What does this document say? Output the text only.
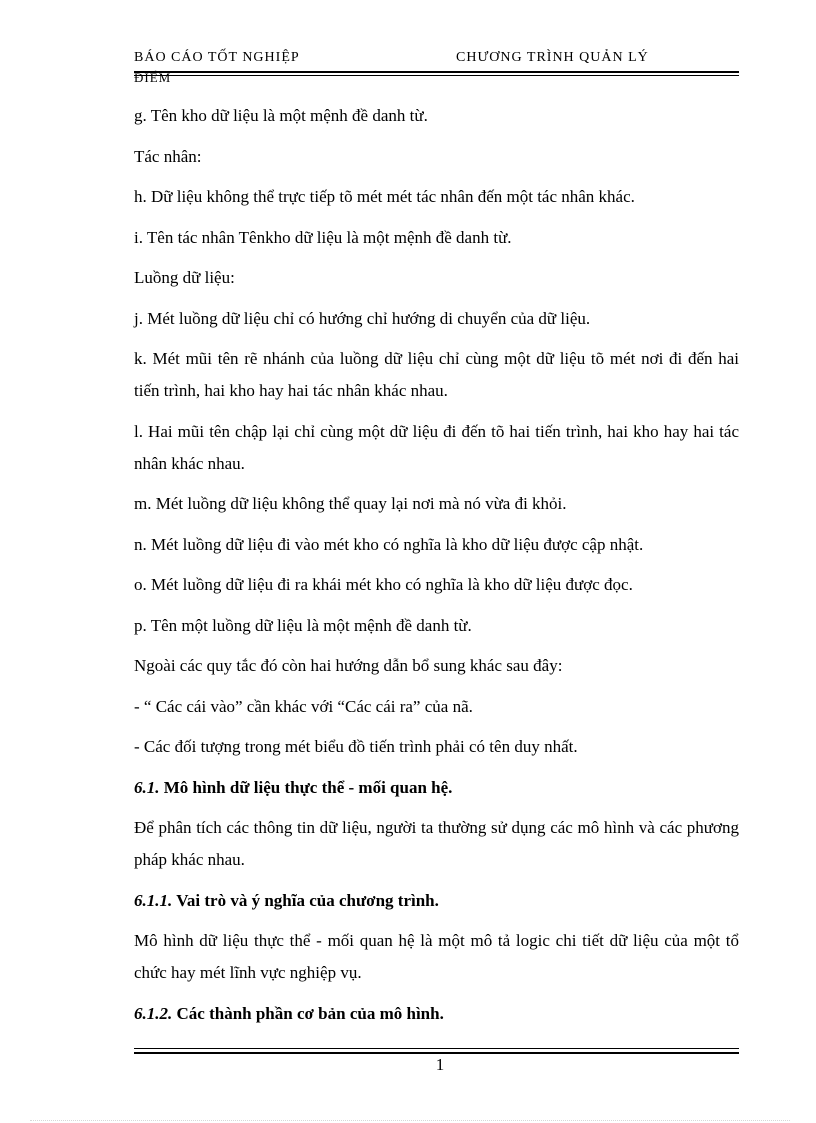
BÁO CÁO TỐT NGHIỆP	CHƯƠNG TRÌNH QUẢN LÝ
ĐIỂM

g. Tên kho dữ liệu là một mệnh đề danh từ.

Tác nhân:

h. Dữ liệu không thể trực tiếp tõ mét mét tác nhân đến một tác nhân khác.

i. Tên tác nhân Tênkho dữ liệu là một mệnh đề danh từ.

Luồng dữ liệu:

j. Mét luồng dữ liệu chỉ có hướng chỉ hướng di chuyển của dữ liệu.

k. Mét mũi tên rẽ nhánh của luồng dữ liệu chỉ cùng một dữ liệu tõ mét nơi đi đến hai tiến trình, hai kho hay hai tác nhân khác nhau.

l. Hai mũi tên chập lại chỉ cùng một dữ liệu đi đến tõ hai tiến trình, hai kho hay hai tác nhân khác nhau.

m. Mét luồng dữ liệu không thể quay lại nơi mà nó vừa đi khỏi.

n. Mét luồng dữ liệu đi vào mét kho có nghĩa là kho dữ liệu được cập nhật.

o. Mét luồng dữ liệu đi ra khái mét kho có nghĩa là kho dữ liệu được đọc.

p. Tên một luồng dữ liệu là một mệnh đề danh từ.

Ngoài các quy tắc đó còn hai hướng dẫn bổ sung khác sau đây:

- “ Các cái vào” cần khác với “Các cái ra” của nã.

- Các đối tượng trong mét biểu đồ tiến trình phải có tên duy nhất.

6.1. Mô hình dữ liệu thực thể - mối quan hệ.

Để phân tích các thông tin dữ liệu, người ta thường sử dụng các mô hình và các phương pháp khác nhau.

6.1.1. Vai trò và ý nghĩa của chương trình.

Mô hình dữ liệu thực thể - mối quan hệ là một mô tả logic chi tiết dữ liệu của một tổ chức hay mét lĩnh vực nghiệp vụ.

6.1.2. Các thành phần cơ bản của mô hình.

1
